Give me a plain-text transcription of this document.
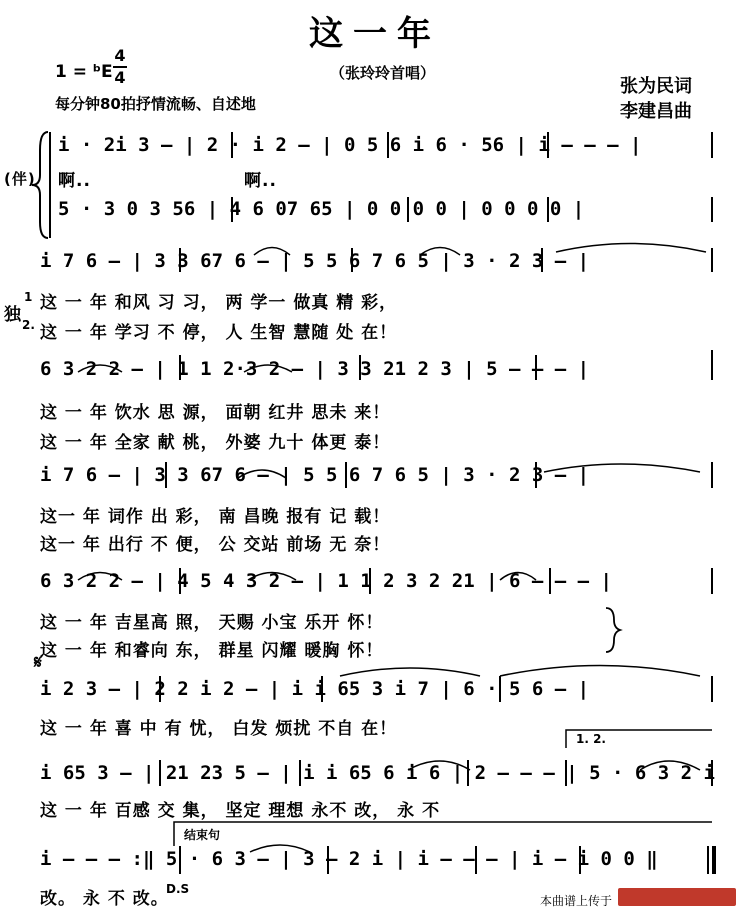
这一年
1 = ᵇE
4
4	（张玲玲首唱）
每分钟80拍抒情流畅、自述地
张为民词
李建昌曲
(伴)
独
1
2.
𝄋
1. 2.
结束句
D.S
本曲谱上传于
i · 2i 3 – | 2 · i 2 – | 0 5 6 i 6 · 56 | i – – – |
啊..	啊..
5 · 3 0 3 56 | 4 6 07 65 | 0 0 0 0 | 0 0 0 0 |
i 7 6 – | 3 3 67 6 – | 5 5 6 7 6 5 | 3 · 2 3 – |
这 一 年 和风 习 习， 两 学一 做真 精 彩，
这 一 年 学习 不 停， 人 生智 慧随 处 在！
6 3 2 2 – | 1 1 2·3 2 – | 3 3 21 2 3 | 5 – – – |
这 一 年 饮水 思 源， 面朝 红井 思未 来！
这 一 年 全家 献 桃， 外婆 九十 体更 泰！
i 7 6 – | 3 3 67 6 – | 5 5 6 7 6 5 | 3 · 2 3 – |
这一 年 词作 出 彩， 南 昌晚 报有 记 载！
这一 年 出行 不 便， 公 交站 前场 无 奈！
6 3 2 2 – | 4 5 4 3 2 – | 1 1 2 3 2 21 | 6 – – – |
这 一 年 吉星高 照， 天赐 小宝 乐开 怀！
这 一 年 和睿向 东， 群星 闪耀 暖胸 怀！
i 2 3 – | 2 2 i 2 – | i i 65 3 i 7 | 6 · 5 6 – |
这 一 年 喜 中 有 忧， 白发 烦扰 不自 在！
i 65 3 – | 21 23 5 – | i i 65 6 i 6 | 2 – – – | 5 · 6 3 2 i
这 一 年 百感 交 集， 坚定 理想 永不 改， 永 不
i – – – :‖ 5 · 6 3 – | 3 – 2 i | i – – – | i – i 0 0 ‖
改。 永 不 改。
